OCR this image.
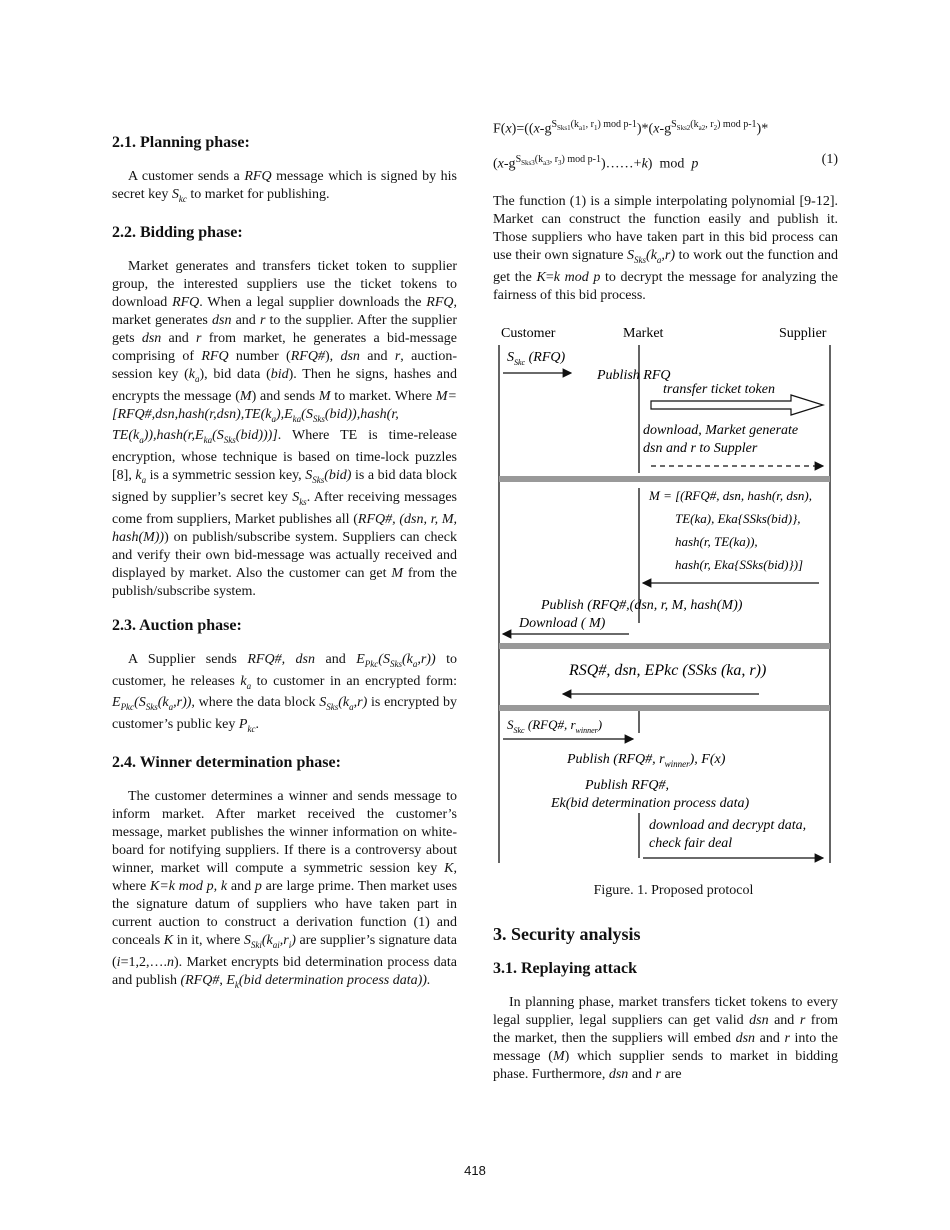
2.1. Planning phase:

A customer sends a RFQ message which is signed by his secret key $S_{kc}$ to market for publishing.

2.2. Bidding phase:

Market generates and transfers ticket token to supplier group, the interested suppliers use the ticket tokens to download RFQ. When a legal supplier downloads the RFQ, market generates dsn and r to the supplier. After the supplier gets dsn and r from market, he generates a bid-message comprising of RFQ number (RFQ#), dsn and r, auction-session key $(k_a)$, bid data (bid). Then he signs, hashes and encrypts the message (M) and sends M to market. Where $M=[RFQ\#,dsn,hash(r,dsn),TE(k_a),E_{ka}(S_{Sks}(bid)),hash(r$, $TE(k_a)),hash(r,E_{ka}(S_{Sks}(bid)))$]. Where TE is time-release encryption, whose technique is based on time-lock puzzles [8], $k_a$ is a symmetric session key, $S_{Sks}(bid)$ is a bid data block signed by supplier’s secret key $S_{ks}$. After receiving messages come from suppliers, Market publishes all (RFQ#, (dsn, r, M, hash(M))) on publish/subscribe system. Suppliers can check and verify their own bid-message was actually received and displayed by market. Also the customer can get M from the publish/subscribe system.

2.3. Auction phase:

A Supplier sends RFQ#, dsn and $E_{Pkc}(S_{Sks}(k_a,r))$ to customer, he releases $k_a$ to customer in an encrypted form: $E_{Pkc}(S_{Sks}(k_a,r))$, where the data block $S_{Sks}(k_a,r)$ is encrypted by customer’s public key $P_{kc}$.

2.4. Winner determination phase:

The customer determines a winner and sends message to inform market. After market received the customer’s message, market publishes the winner information on white-board for notifying suppliers. If there is a controversy about winner, market will compute a symmetric session key K, where K=k mod p, k and p are large prime. Then market uses the signature datum of suppliers who have taken part in current auction to construct a derivation function (1) and conceals K in it, where $S_{Ski}(k_{ai},r_i)$ are supplier’s signature data (i=1,2,….n). Market encrypts bid determination process data and publish (RFQ#, $E_k(bid$ determination process data)).

$F(x)=((x-g^{S_{Sks1}(k_{a1}, r_1) mod p-1})*(x-g^{S_{Sks2}(k_{a2}, r_2) mod p-1})*$
$(x-g^{S_{Sks3}(k_{a3}, r_3) mod p-1})\dots\dots+k$)  mod  p	(1)

The function (1) is a simple interpolating polynomial [9-12]. Market can construct the function easily and publish it. Those suppliers who have taken part in this bid process can use their own signature $S_{Sks}(k_a,r)$ to work out the function and get the K=k mod p to decrypt the message for analyzing the fairness of this bid process.

Customer	Market	Supplier
$S_{Skc}$ (RFQ)
Publish RFQ
transfer ticket token
download, Market generate
dsn and r to Suppler
M = [(RFQ#, dsn, hash(r, dsn),
TE(ka), Eka{SSks(bid)},
hash(r, TE(ka)),
hash(r, Eka{SSks(bid)})]
Publish (RFQ#,(dsn, r, M, hash(M))
Download ( M)
RSQ#, dsn, EPkc (SSks (ka, r))
$S_{Skc}$ (RFQ#, $r_{winner}$)
Publish (RFQ#, $r_{winner}$), F(x)
Publish RFQ#,
Ek(bid determination process data)
download and decrypt data,
check fair deal

Figure. 1. Proposed protocol

3. Security analysis
3.1. Replaying attack

In planning phase, market transfers ticket tokens to every legal supplier, legal suppliers can get valid dsn and r from the market, then the suppliers will embed dsn and r into the message (M) which supplier sends to market in bidding phase. Furthermore, dsn and r are

418
